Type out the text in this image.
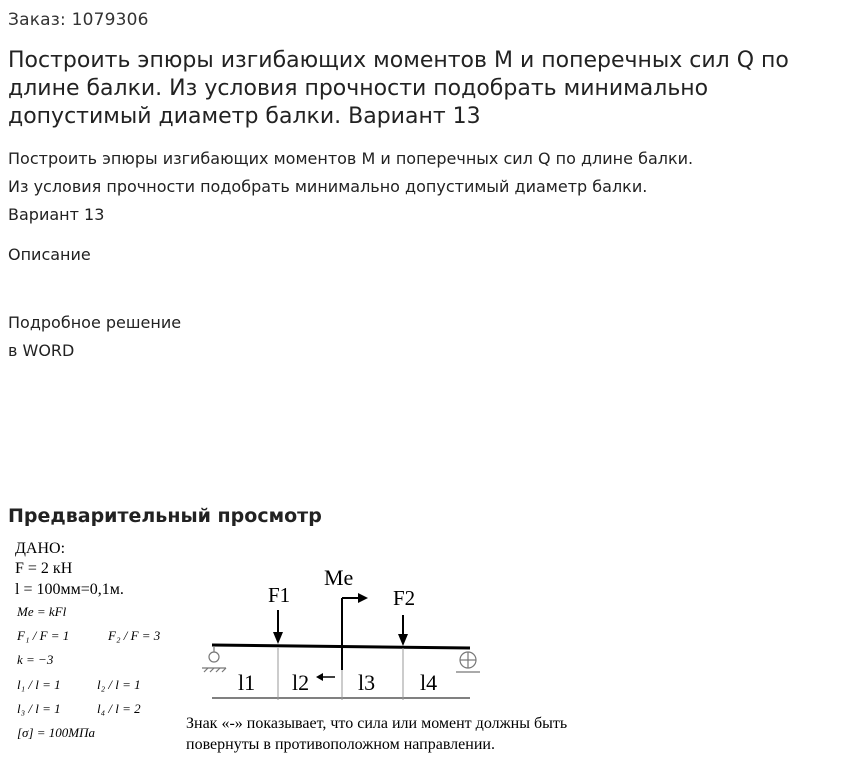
Заказ: 1079306
Построить эпюры изгибающих моментов М и поперечных сил Q по длине балки. Из условия прочности подобрать минимально допустимый диаметр балки. Вариант 13
Построить эпюры изгибающих моментов М и поперечных сил Q по длине балки.
Из условия прочности подобрать минимально допустимый диаметр балки.
Вариант 13
Описание
Подробное решение
в WORD
Предварительный просмотр
ДАНО:
F = 2 кН
l = 100мм=0,1м.
Me = kFl
F₁ / F = 1	F₂ / F = 3
k = −3
l₁ / l = 1	l₂ / l = 1
l₃ / l = 1	l₄ / l = 2
[σ] = 100МПа
Me
F1	F2
l1 l2 l3 l4
Знак «-» показывает, что сила или момент должны быть
повернуты в противоположном направлении.
